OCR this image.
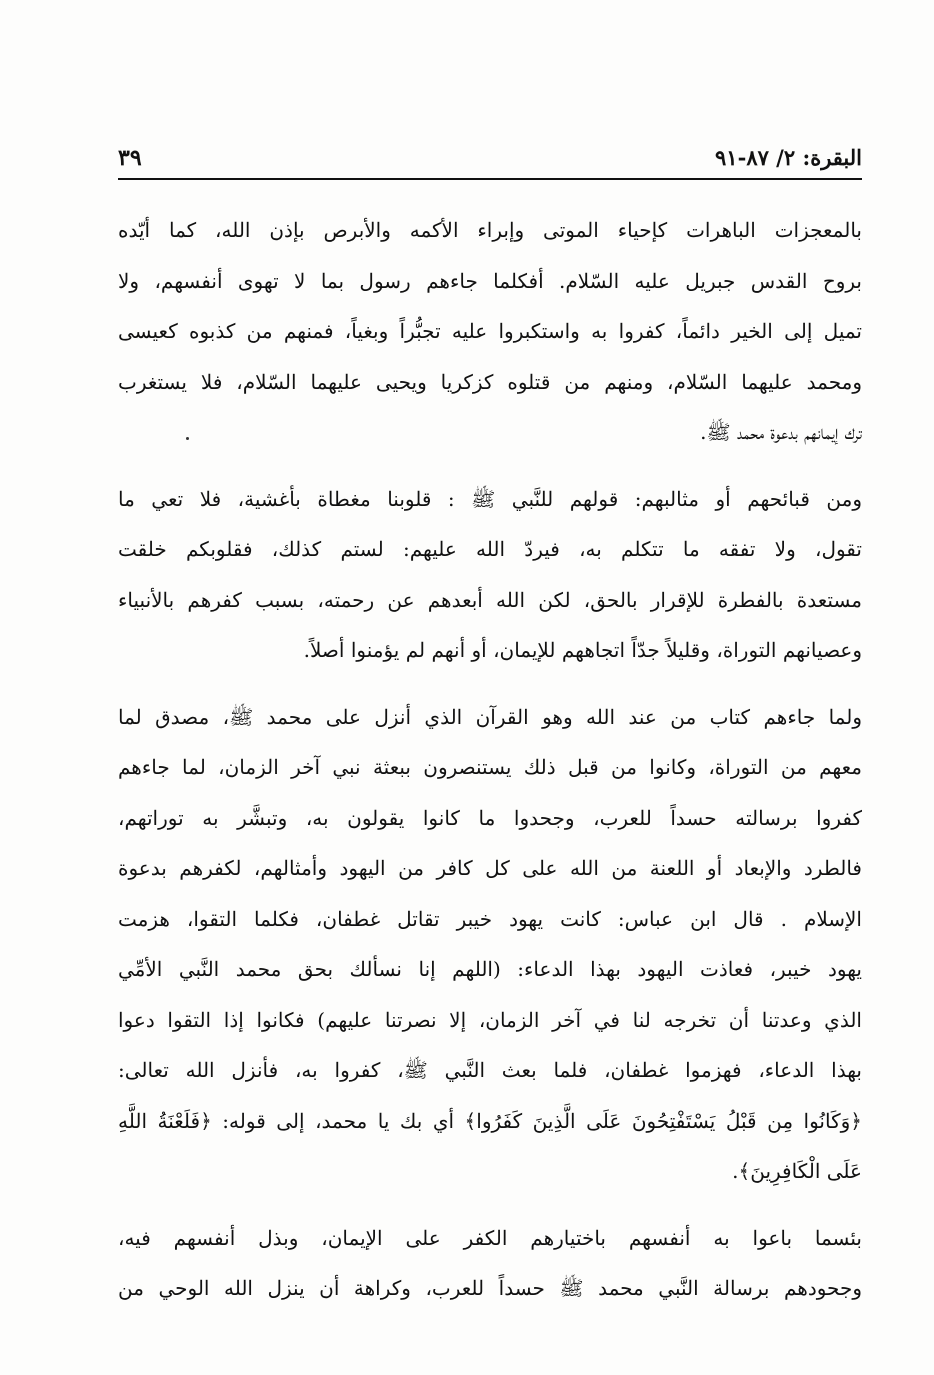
البقرة: ٢/ ٨٧-٩١
٣٩
بالمعجزات الباهرات كإحياء الموتى وإبراء الأكمه والأبرص بإذن الله، كما أيّده
بروح القدس جبريل عليه السّلام. أفكلما جاءهم رسول بما لا تهوى أنفسهم، ولا
تميل إلى الخير دائماً، كفروا به واستكبروا عليه تجبُّراً وبغياً، فمنهم من كذبوه كعيسى
ومحمد عليهما السّلام، ومنهم من قتلوه كزكريا ويحيى عليهما السّلام، فلا يستغرب
ترك إيمانهم بدعوة محمد ﷺ.
ومن قبائحهم أو مثالبهم: قولهم للنَّبي ﷺ : قلوبنا مغطاة بأغشية، فلا تعي ما
تقول، ولا تفقه ما تتكلم به، فيردّ الله عليهم: لستم كذلك، فقلوبكم خلقت
مستعدة بالفطرة للإقرار بالحق، لكن الله أبعدهم عن رحمته، بسبب كفرهم بالأنبياء
وعصيانهم التوراة، وقليلاً جدّاً اتجاههم للإيمان، أو أنهم لم يؤمنوا أصلاً.
ولما جاءهم كتاب من عند الله وهو القرآن الذي أنزل على محمد ﷺ، مصدق لما
معهم من التوراة، وكانوا من قبل ذلك يستنصرون ببعثة نبي آخر الزمان، لما جاءهم
كفروا برسالته حسداً للعرب، وجحدوا ما كانوا يقولون به، وتبشَّر به توراتهم،
فالطرد والإبعاد أو اللعنة من الله على كل كافر من اليهود وأمثالهم، لكفرهم بدعوة
الإسلام . قال ابن عباس: كانت يهود خيبر تقاتل غطفان، فكلما التقوا، هزمت
يهود خيبر، فعاذت اليهود بهذا الدعاء: (اللهم إنا نسألك بحق محمد النَّبي الأمِّي
الذي وعدتنا أن تخرجه لنا في آخر الزمان، إلا نصرتنا عليهم) فكانوا إذا التقوا دعوا
بهذا الدعاء، فهزموا غطفان، فلما بعث النَّبي ﷺ، كفروا به، فأنزل الله تعالى:
﴿وَكَانُوا مِن قَبْلُ يَسْتَفْتِحُونَ عَلَى الَّذِينَ كَفَرُوا﴾ أي بك يا محمد، إلى قوله: ﴿فَلَعْنَةُ اللَّهِ
عَلَى الْكَافِرِينَ﴾.
بئسما باعوا به أنفسهم باختيارهم الكفر على الإيمان، وبذل أنفسهم فيه،
وجحودهم برسالة النَّبي محمد ﷺ حسداً للعرب، وكراهة أن ينزل الله الوحي من
